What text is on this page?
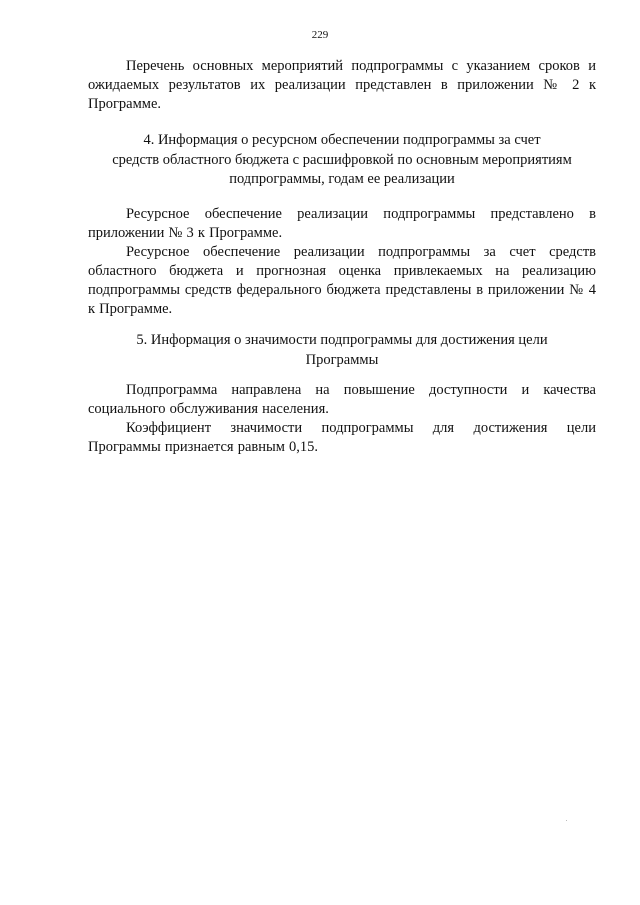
229

Перечень основных мероприятий подпрограммы с указанием сроков и ожидаемых результатов их реализации представлен в приложении № 2 к Программе.

4. Информация о ресурсном обеспечении подпрограммы за счет
средств областного бюджета с расшифровкой по основным мероприятиям
подпрограммы, годам ее реализации

Ресурсное обеспечение реализации подпрограммы представлено в приложении № 3 к Программе.

Ресурсное обеспечение реализации подпрограммы за счет средств областного бюджета и прогнозная оценка привлекаемых на реализацию подпрограммы средств федерального бюджета представлены в приложении № 4 к Программе.

5. Информация о значимости подпрограммы для достижения цели
Программы

Подпрограмма направлена на повышение доступности и качества социального обслуживания населения.

Коэффициент значимости подпрограммы для достижения цели Программы признается равным 0,15.
